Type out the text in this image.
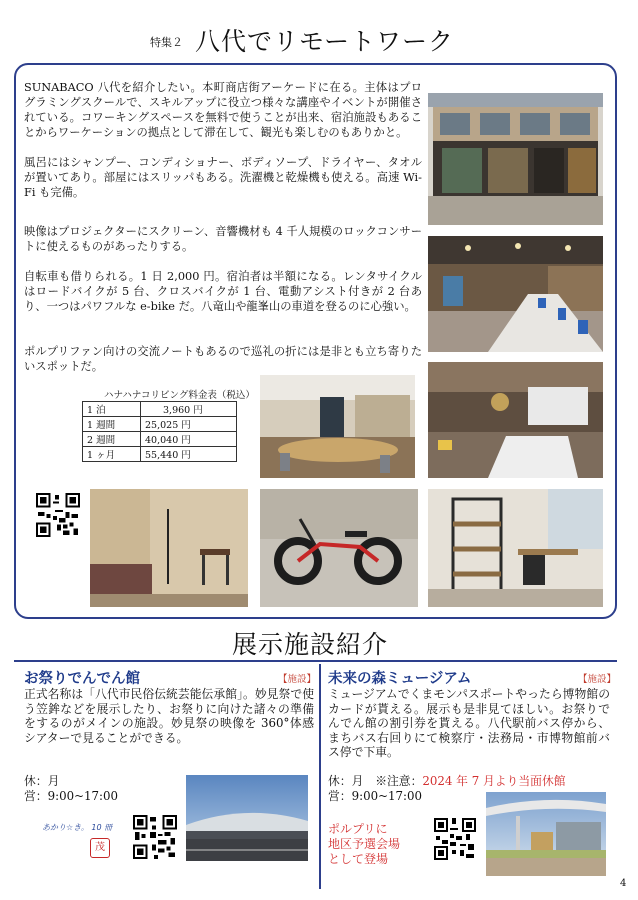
特集２ 八代でリモートワーク
SUNABACO 八代を紹介したい。本町商店街アーケードに在る。主体はプログラミングスクールで、スキルアップに役立つ様々な講座やイベントが開催されている。コワーキングスペースを無料で使うことが出来、宿泊施設もあることからワーケーションの拠点として滞在して、観光も楽しむのもありかと。
風呂にはシャンプー、コンディショナー、ボディソープ、ドライヤー、タオルが置いてあり。部屋にはスリッパもある。洗濯機と乾燥機も使える。高速 Wi-Fi も完備。
映像はプロジェクターにスクリーン、音響機材も 4 千人規模のロックコンサートに使えるものがあったりする。
自転車も借りられる。1 日 2,000 円。宿泊者は半額になる。レンタサイクルはロードバイクが 5 台、クロスバイクが 1 台、電動アシスト付きが 2 台あり、一つはパワフルな e-bike だ。八竜山や龍峯山の車道を登るのに心強い。
ポルプリファン向けの交流ノートもあるので巡礼の折には是非とも立ち寄りたいスポットだ。
ハナハナコリビング料金表（税込）
1 泊	3,960 円
1 週間	25,025 円
2 週間	40,040 円
1 ヶ月	55,440 円
展示施設紹介
お祭りでんでん館	【施設】
正式名称は「八代市民俗伝統芸能伝承館」。妙見祭で使う笠鉾などを展示したり、お祭りに向けた諸々の準備をするのがメインの施設。妙見祭の映像を 360°体感シアターで見ることができる。
休：月
営：9:00~17:00
あかり☆き。 10 冊
茂
未来の森ミュージアム	【施設】
ミュージアムでくまモンパスポートやったら博物館のカードが貰える。展示も是非見てほしい。お祭りでんでん館の割引券を貰える。八代駅前バス停から、まちバス右回りにて検察庁・法務局・市博物館前バス停で下車。
休：月　※注意：2024 年 7 月より当面休館
営：9:00~17:00
ポルプリに
地区予選会場
として登場
4
